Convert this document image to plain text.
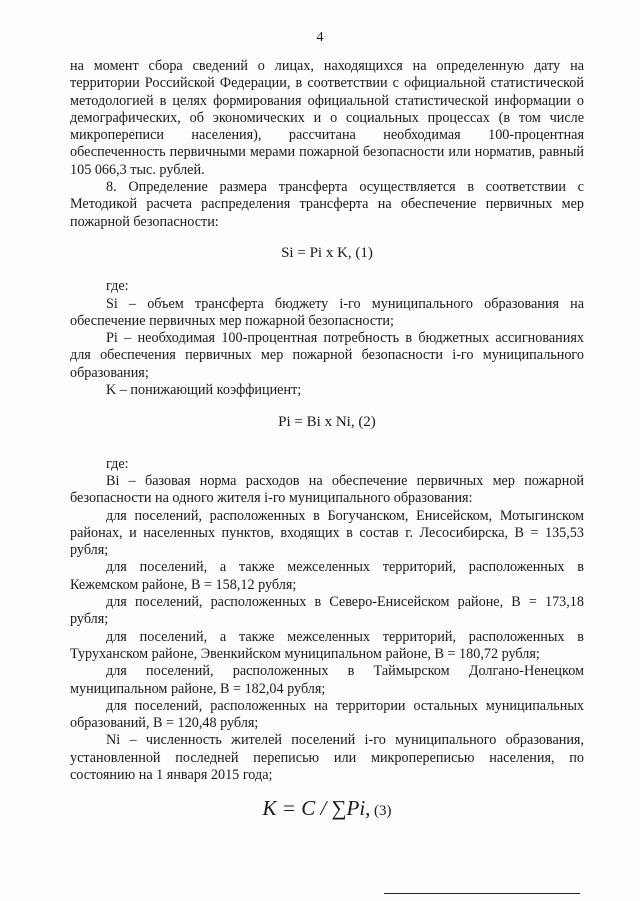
4

на момент сбора сведений о лицах, находящихся на определенную дату на территории Российской Федерации, в соответствии с официальной статистической методологией в целях формирования официальной статистической информации о демографических, об экономических и о социальных процессах (в том числе микропереписи населения), рассчитана необходимая 100-процентная обеспеченность первичными мерами пожарной безопасности или норматив, равный 105 066,3 тыс. рублей.

8. Определение размера трансферта осуществляется в соответствии с Методикой расчета распределения трансферта на обеспечение первичных мер пожарной безопасности:

Si = Pi x K, (1)

где:

Si – объем трансферта бюджету i-го муниципального образования на обеспечение первичных мер пожарной безопасности;

Pi – необходимая 100-процентная потребность в бюджетных ассигнованиях для обеспечения первичных мер пожарной безопасности i-го муниципального образования;

K – понижающий коэффициент;

Pi = Bi x Ni, (2)

где:

Bi – базовая норма расходов на обеспечение первичных мер пожарной безопасности на одного жителя i-го муниципального образования:

для поселений, расположенных в Богучанском, Енисейском, Мотыгинском районах, и населенных пунктов, входящих в состав г. Лесосибирска, B = 135,53 рубля;

для поселений, а также межселенных территорий, расположенных в Кежемском районе, B = 158,12 рубля;

для поселений, расположенных в Северо-Енисейском районе, B = 173,18 рубля;

для поселений, а также межселенных территорий, расположенных в Туруханском районе, Эвенкийском муниципальном районе, B = 180,72 рубля;

для поселений, расположенных в Таймырском Долгано-Ненецком муниципальном районе, B = 182,04 рубля;

для поселений, расположенных на территории остальных муниципальных образований, B = 120,48 рубля;

Ni – численность жителей поселений i-го муниципального образования, установленной последней переписью или микропереписью населения, по состоянию на 1 января 2015 года;

K = C / ∑Pi, (3)
